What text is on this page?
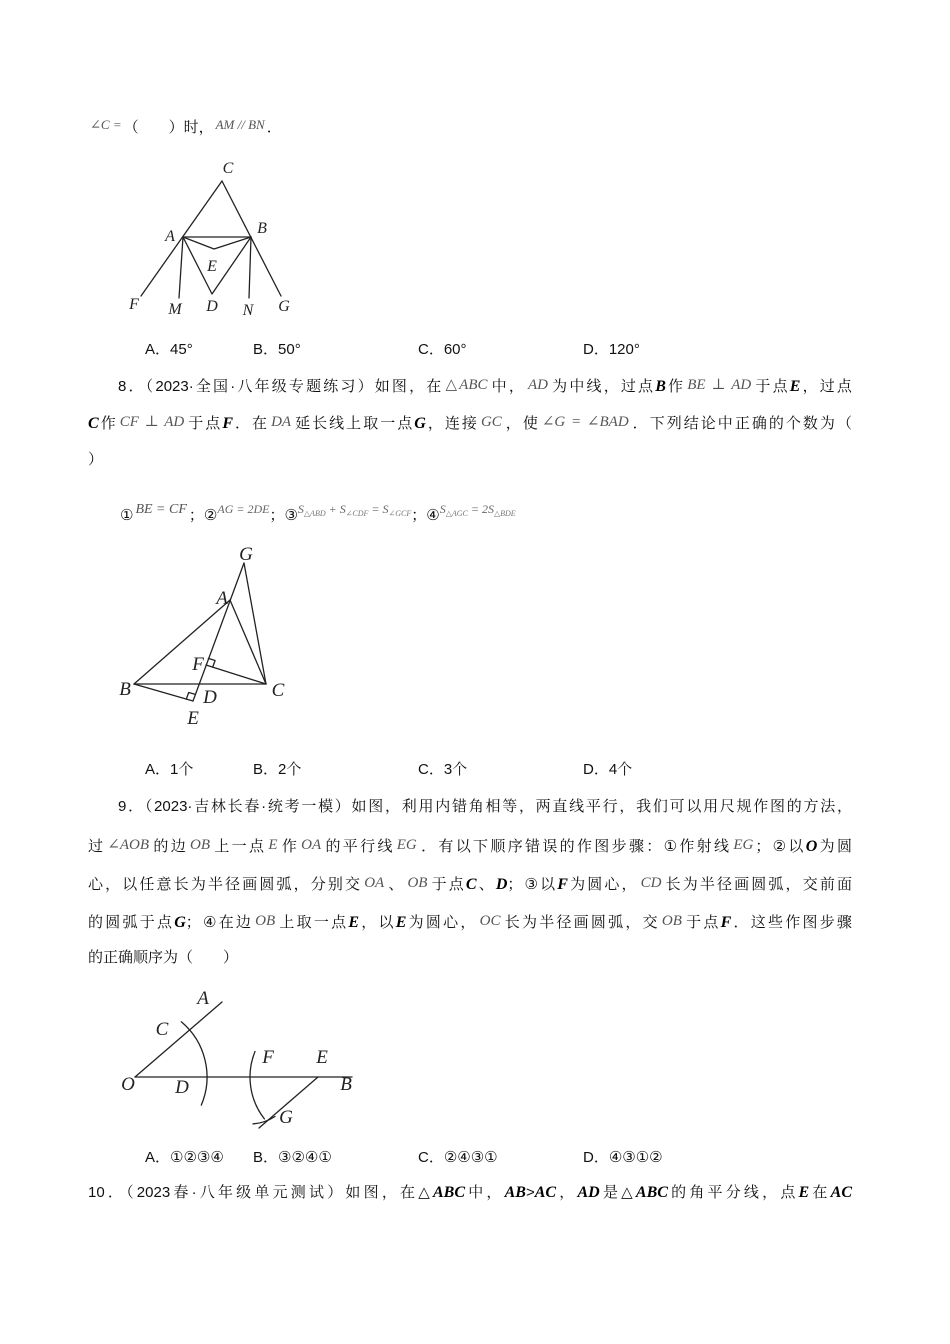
∠C = （　　）时， AM // BN ．
C
A	B
E
F M D N G
A．45°	B．50°	C．60°	D．120°
8．（2023·全国·八年级专题练习）如图，在 △ABC 中， AD 为中线，过点B作 BE ⊥ AD 于点E，过点
C作 CF ⊥ AD 于点F．在 DA 延长线上取一点G，连接 GC ，使 ∠G = ∠BAD ．下列结论中正确的个数为（
）
① BE = CF ；②$^{AG = 2DE}$；③$^{S\triangle ABD}$ $^{+ S\angle CDF}$ $^{= S\angle GCF}$；④$^{S\triangle AGC}$ $^{= 2S\triangle BDE}$
G
A
F
B	D	C
E
A．1个	B．2个	C．3个	D．4个
9．（2023·吉林长春·统考一模）如图，利用内错角相等，两直线平行，我们可以用尺规作图的方法，
过 ∠AOB 的边 OB 上一点 E 作 OA 的平行线 EG ．有以下顺序错误的作图步骤：①作射线 EG ；②以O为圆
心，以任意长为半径画圆弧，分别交 OA 、 OB 于点C、D；③以F为圆心， CD 长为半径画圆弧，交前面
的圆弧于点G；④在边 OB 上取一点E，以E为圆心， OC 长为半径画圆弧，交 OB 于点F．这些作图步骤
的正确顺序为（　　）
A
C
O D
F E
B
G
A．①②③④ B．③②④①	C．②④③①	D．④③①②
10．（2023春·八年级单元测试）如图，在△ABC中，AB>AC，AD是△ABC的角平分线，点E在AC
